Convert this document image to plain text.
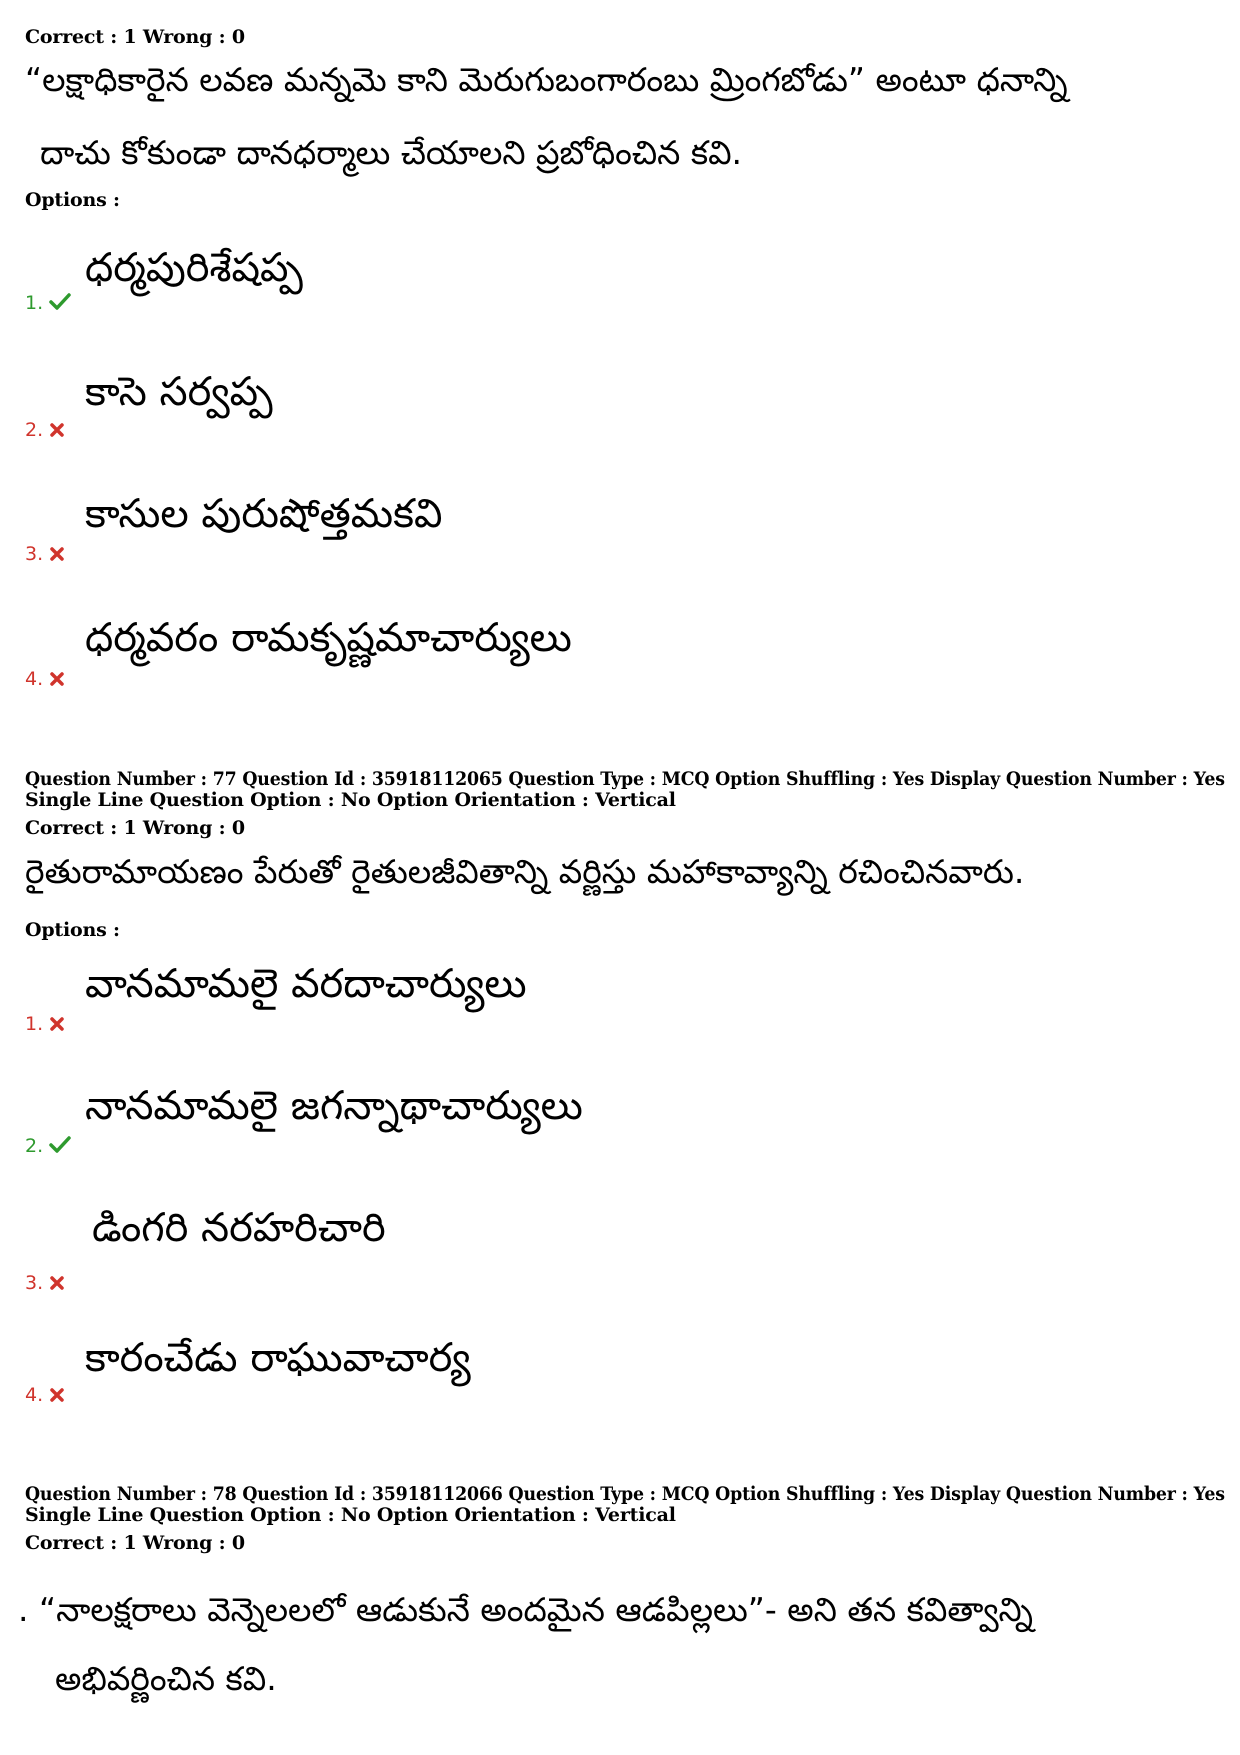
Correct : 1 Wrong : 0
“లక్షాధికారైన లవణ మన్నమె కాని మెరుగుబంగారంబు మ్రింగబోడు” అంటూ ధనాన్ని
దాచు కోకుండా దానధర్మాలు చేయాలని ప్రబోధించిన కవి.
Options :
1.
ధర్మపురిశేషప్ప
2.
కాసె సర్వప్ప
3.
కాసుల పురుషోత్తమకవి
4.
ధర్మవరం రామకృష్ణమాచార్యులు
Question Number : 77 Question Id : 35918112065 Question Type : MCQ Option Shuffling : Yes Display Question Number : Yes
Single Line Question Option : No Option Orientation : Vertical
Correct : 1 Wrong : 0
రైతురామాయణం పేరుతో రైతులజీవితాన్ని వర్ణిస్తు మహాకావ్యాన్ని రచించినవారు.
Options :
1.
వానమామలై వరదాచార్యులు
2.
నానమామలై జగన్నాథాచార్యులు
3.
డింగరి నరహరిచారి
4.
కారంచేడు రాఘువాచార్య
Question Number : 78 Question Id : 35918112066 Question Type : MCQ Option Shuffling : Yes Display Question Number : Yes
Single Line Question Option : No Option Orientation : Vertical
Correct : 1 Wrong : 0
. “నాలక్షరాలు వెన్నెలలలో ఆడుకునే అందమైన ఆడపిల్లలు”- అని తన కవిత్వాన్ని
అభివర్ణించిన కవి.
